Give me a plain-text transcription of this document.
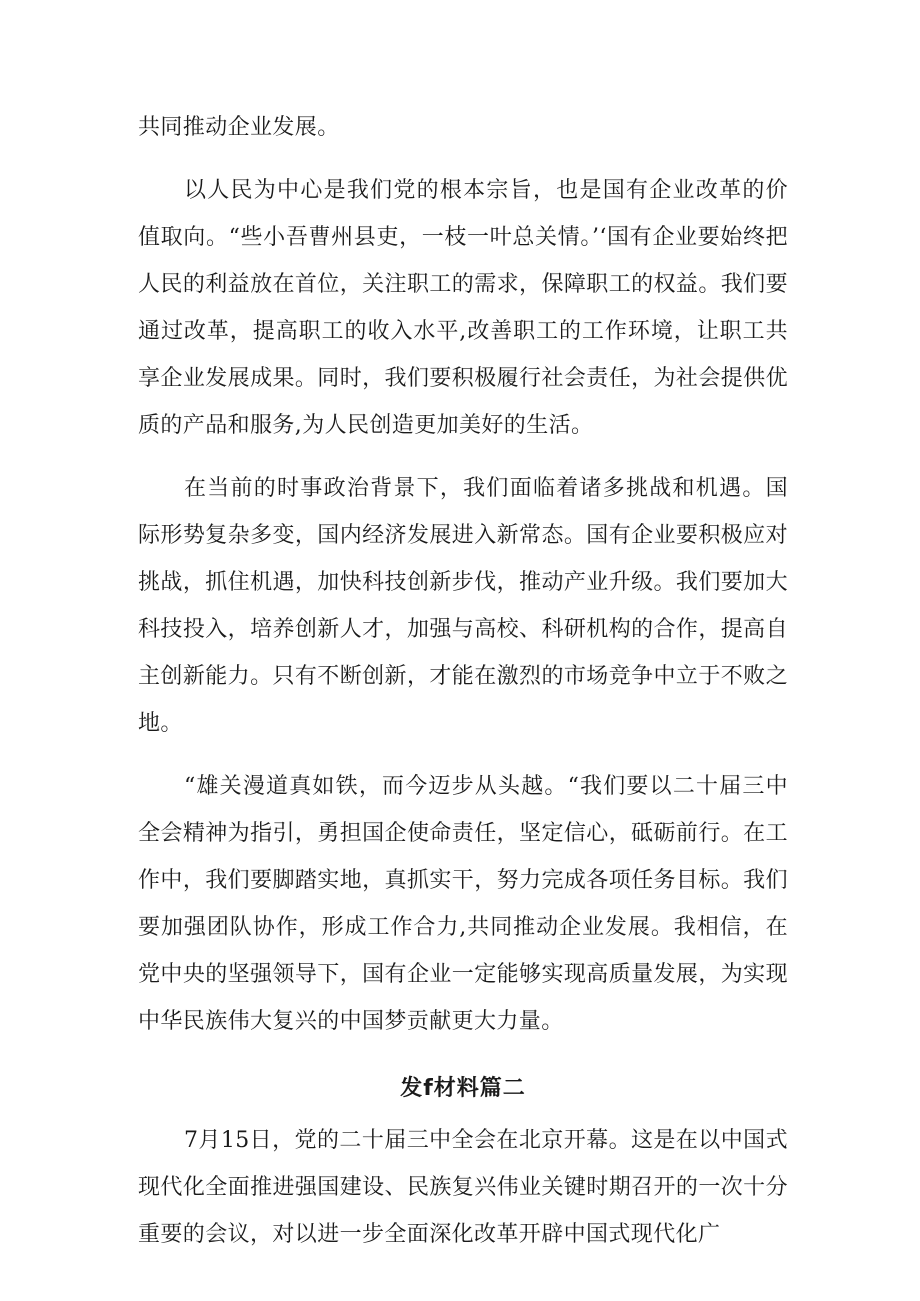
共同推动企业发展。

以人民为中心是我们党的根本宗旨，也是国有企业改革的价值取向。“些小吾曹州县吏，一枝一叶总关情。’‘国有企业要始终把人民的利益放在首位，关注职工的需求，保障职工的权益。我们要通过改革，提高职工的收入水平,改善职工的工作环境，让职工共享企业发展成果。同时，我们要积极履行社会责任，为社会提供优质的产品和服务,为人民创造更加美好的生活。

在当前的时事政治背景下，我们面临着诸多挑战和机遇。国际形势复杂多变，国内经济发展进入新常态。国有企业要积极应对挑战，抓住机遇，加快科技创新步伐，推动产业升级。我们要加大科技投入，培养创新人才，加强与高校、科研机构的合作，提高自主创新能力。只有不断创新，才能在激烈的市场竞争中立于不败之地。

“雄关漫道真如铁，而今迈步从头越。“我们要以二十届三中全会精神为指引，勇担国企使命责任，坚定信心，砥砺前行。在工作中，我们要脚踏实地，真抓实干，努力完成各项任务目标。我们要加强团队协作，形成工作合力,共同推动企业发展。我相信，在党中央的坚强领导下，国有企业一定能够实现高质量发展，为实现中华民族伟大复兴的中国梦贡献更大力量。

发f材料篇二

7月15日，党的二十届三中全会在北京开幕。这是在以中国式现代化全面推进强国建设、民族复兴伟业关键时期召开的一次十分重要的会议，对以进一步全面深化改革开辟中国式现代化广
